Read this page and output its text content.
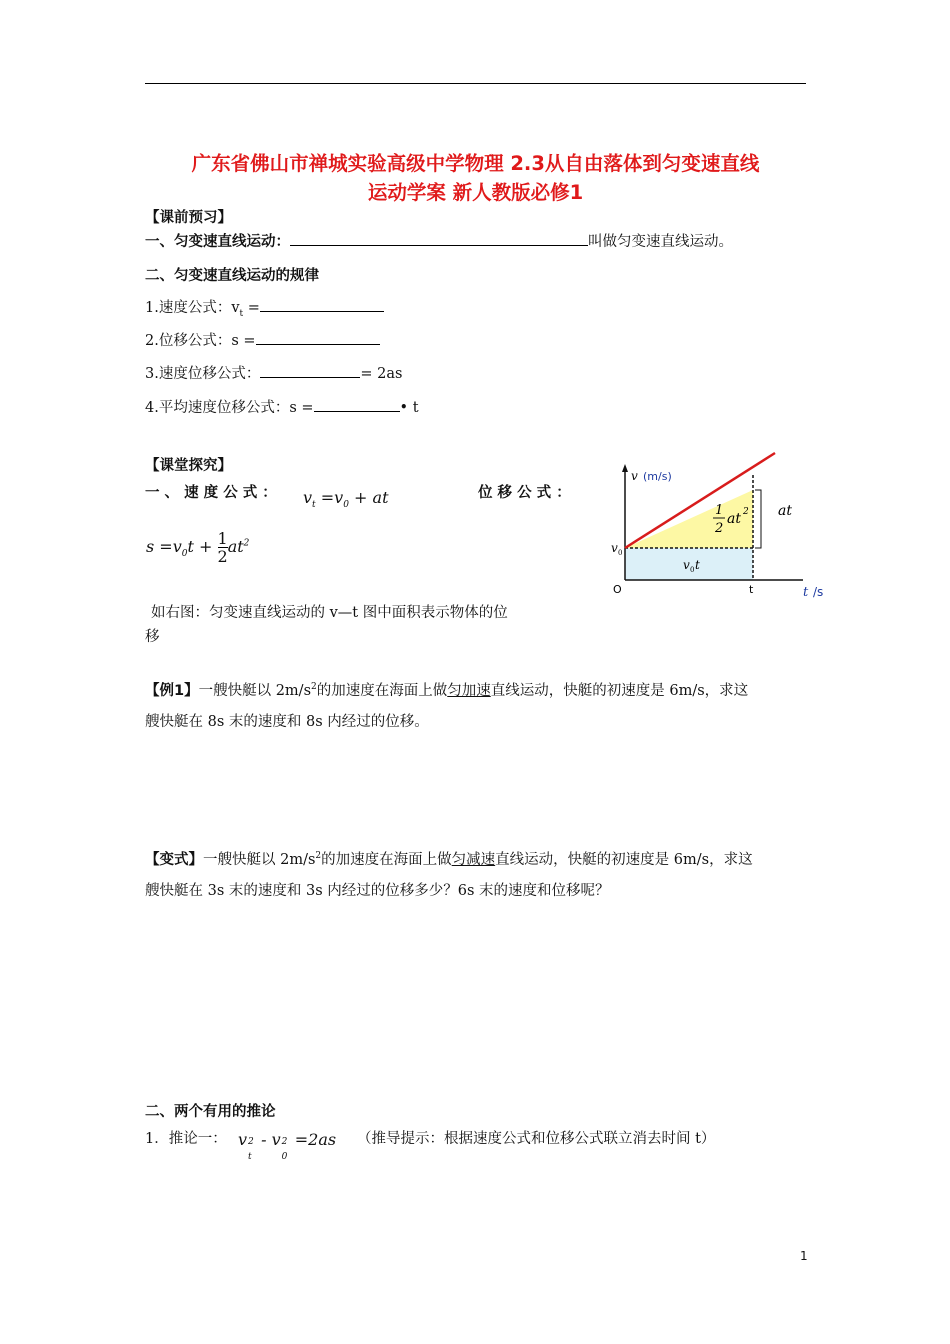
广东省佛山市禅城实验高级中学物理 2.3从自由落体到匀变速直线
运动学案 新人教版必修1
【课前预习】
一、匀变速直线运动：	叫做匀变速直线运动。
二、匀变速直线运动的规律
1.速度公式：$v_t$ =
2.位移公式：s =
3.速度位移公式：	= 2as
4.平均速度位移公式：s =	• t
【课堂探究】
一 、 速 度 公 式 ： $v_t =v_0$ + at	位 移 公 式 ：
$s =v_0t + \frac{1}{2} at^2$
如右图：匀变速直线运动的 v—t 图中面积表示物体的位
移
v (m/s)
t /s
O	t
v 0
1
2
at 2 at
v 0 t
【例1】一艘快艇以 $2m/s^2$的加速度在海面上做匀加速直线运动，快艇的初速度是 6m/s，求这
艘快艇在 8s 末的速度和 8s 内经过的位移。
【变式】一艘快艇以 $2m/s^2$的加速度在海面上做匀减速直线运动，快艇的初速度是 6m/s，求这
艘快艇在 3s 末的速度和 3s 内经过的位移多少？6s 末的速度和位移呢？
二、两个有用的推论
1．推论一： v 2
t
- v 2
0
=2as （推导提示：根据速度公式和位移公式联立消去时间 t）
1
